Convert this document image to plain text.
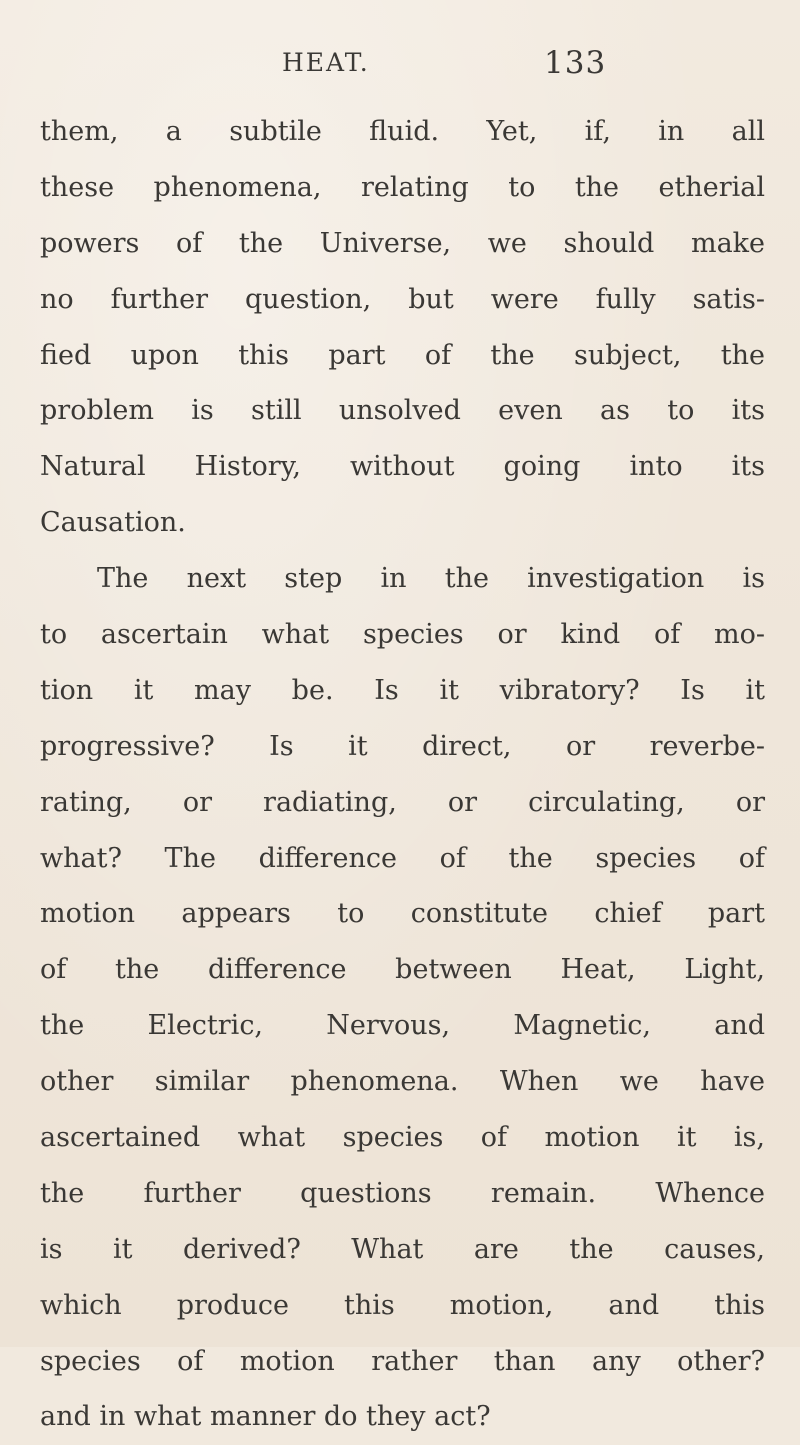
HEAT.	133
them, a subtile fluid. Yet, if, in all
these phenomena, relating to the etherial
powers of the Universe, we should make
no further question, but were fully satis-
fied upon this part of the subject, the
problem is still unsolved even as to its
Natural History, without going into its
Causation.
The next step in the investigation is
to ascertain what species or kind of mo-
tion it may be. Is it vibratory? Is it
progressive? Is it direct, or reverbe-
rating, or radiating, or circulating, or
what? The difference of the species of
motion appears to constitute chief part
of the difference between Heat, Light,
the Electric, Nervous, Magnetic, and
other similar phenomena. When we have
ascertained what species of motion it is,
the further questions remain. Whence
is it derived? What are the causes,
which produce this motion, and this
species of motion rather than any other?
and in what manner do they act?
